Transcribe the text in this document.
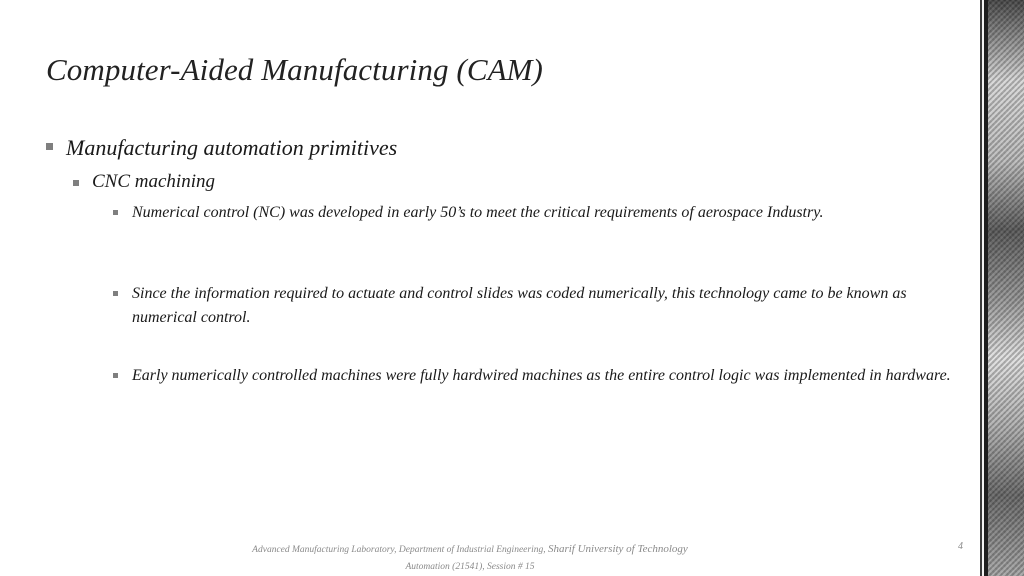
Computer-Aided Manufacturing (CAM)
Manufacturing automation primitives
CNC machining
Numerical control (NC) was developed in early 50’s to meet the critical requirements of aerospace Industry.
Since the information required to actuate and control slides was coded numerically, this technology came to be known as numerical control.
Early numerically controlled machines were fully hardwired machines as the entire control logic was implemented in hardware.
Advanced Manufacturing Laboratory, Department of Industrial Engineering, Sharif University of Technology
Automation (21541), Session # 15
4
